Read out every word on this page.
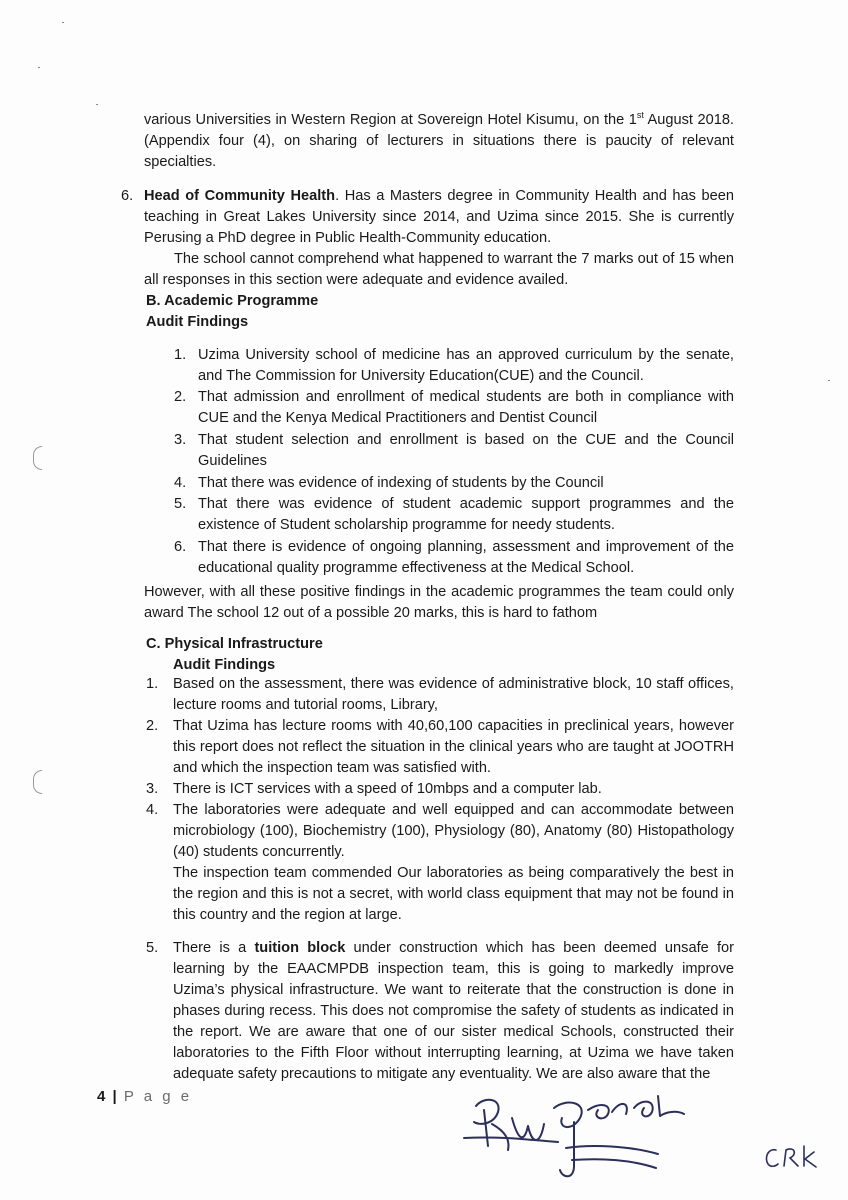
various Universities in Western Region at Sovereign Hotel Kisumu, on the 1st August 2018. (Appendix four (4), on sharing of lecturers in situations there is paucity of relevant specialties.
6. Head of Community Health. Has a Masters degree in Community Health and has been teaching in Great Lakes University since 2014, and Uzima since 2015. She is currently Perusing a PhD degree in Public Health-Community education.
The school cannot comprehend what happened to warrant the 7 marks out of 15 when all responses in this section were adequate and evidence availed.
B. Academic Programme
Audit Findings
1. Uzima University school of medicine has an approved curriculum by the senate, and The Commission for University Education(CUE) and the Council.
2. That admission and enrollment of medical students are both in compliance with CUE and the Kenya Medical Practitioners and Dentist Council
3. That student selection and enrollment is based on the CUE and the Council Guidelines
4. That there was evidence of indexing of students by the Council
5. That there was evidence of student academic support programmes and the existence of Student scholarship programme for needy students.
6. That there is evidence of ongoing planning, assessment and improvement of the educational quality programme effectiveness at the Medical School.
However, with all these positive findings in the academic programmes the team could only award The school 12 out of a possible 20 marks, this is hard to fathom
C. Physical Infrastructure
Audit Findings
1. Based on the assessment, there was evidence of administrative block, 10 staff offices, lecture rooms and tutorial rooms, Library,
2. That Uzima has lecture rooms with 40,60,100 capacities in preclinical years, however this report does not reflect the situation in the clinical years who are taught at JOOTRH and which the inspection team was satisfied with.
3. There is ICT services with a speed of 10mbps and a computer lab.
4. The laboratories were adequate and well equipped and can accommodate between microbiology (100), Biochemistry (100), Physiology (80), Anatomy (80) Histopathology (40) students concurrently.
The inspection team commended Our laboratories as being comparatively the best in the region and this is not a secret, with world class equipment that may not be found in this country and the region at large.
5. There is a tuition block under construction which has been deemed unsafe for learning by the EAACMPDB inspection team, this is going to markedly improve Uzima’s physical infrastructure. We want to reiterate that the construction is done in phases during recess. This does not compromise the safety of students as indicated in the report. We are aware that one of our sister medical Schools, constructed their laboratories to the Fifth Floor without interrupting learning, at Uzima we have taken adequate safety precautions to mitigate any eventuality. We are also aware that the
4 | P a g e
